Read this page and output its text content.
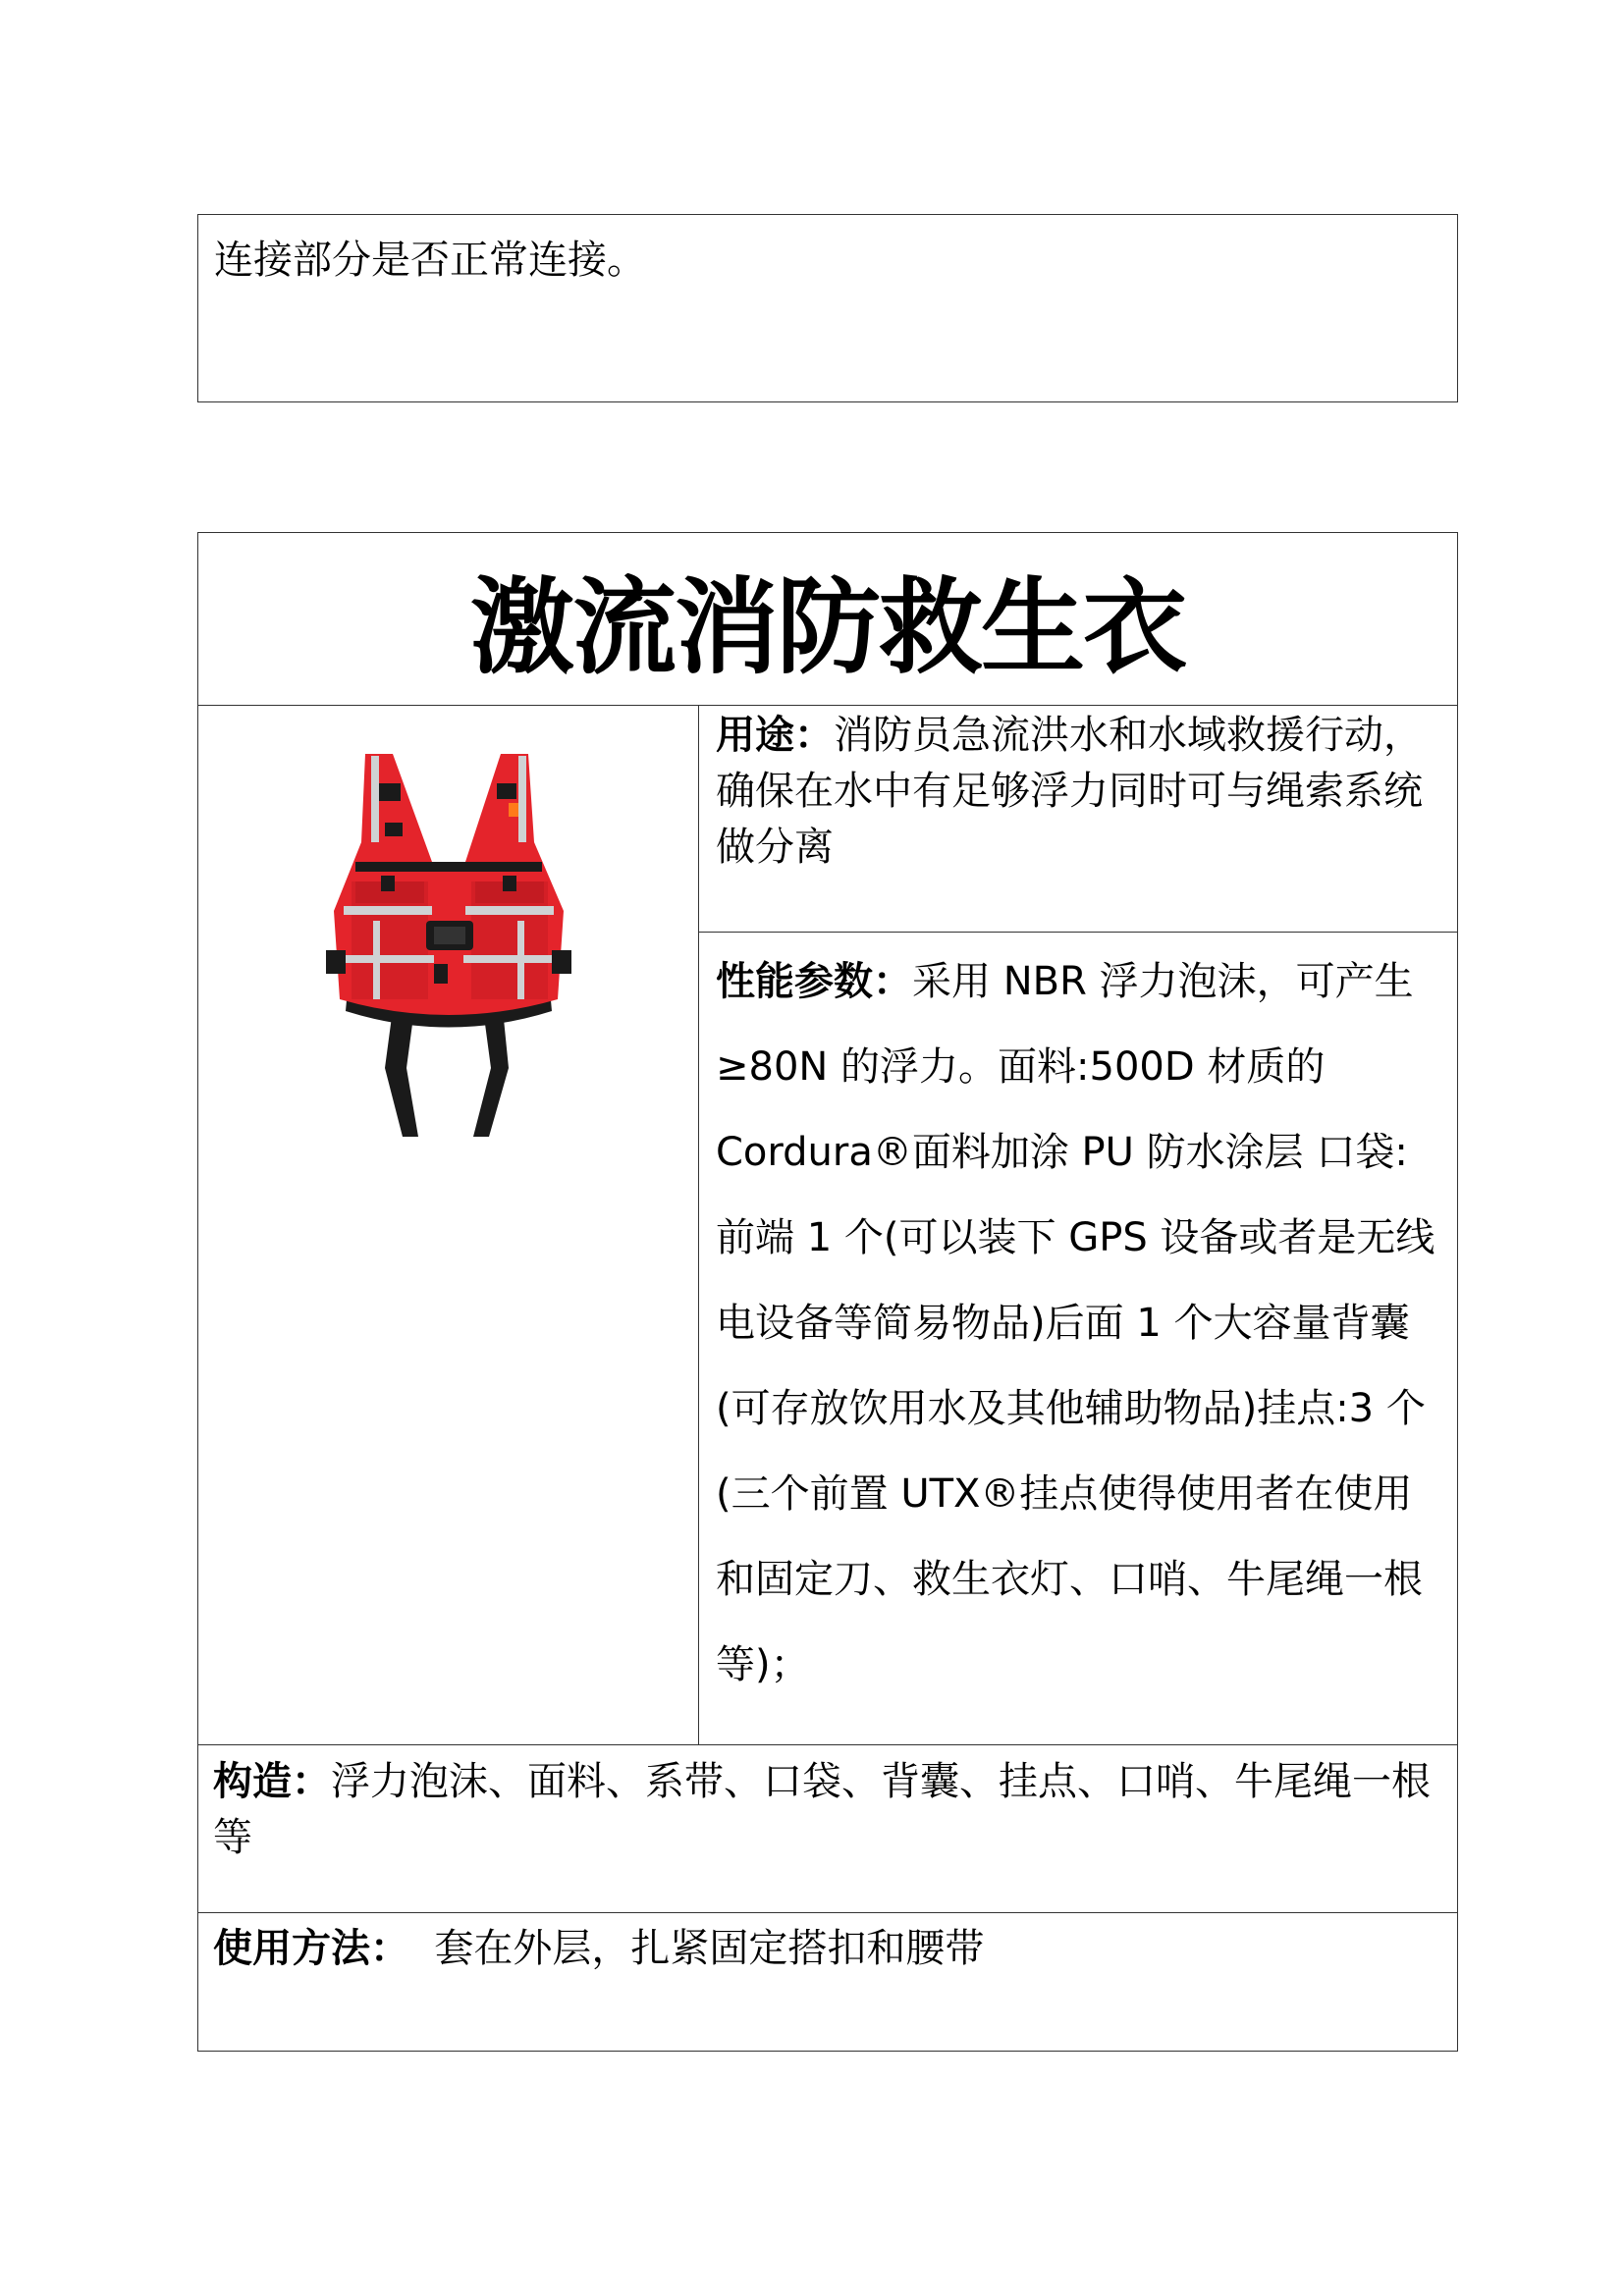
连接部分是否正常连接。
激流消防救生衣
用途：消防员急流洪水和水域救援行动，确保在水中有足够浮力同时可与绳索系统做分离
性能参数：采用 NBR 浮力泡沫，可产生≥80N 的浮力。面料:500D 材质的 Cordura®面料加涂 PU 防水涂层 口袋:前端 1 个(可以装下 GPS 设备或者是无线电设备等简易物品)后面 1 个大容量背囊(可存放饮用水及其他辅助物品)挂点:3 个(三个前置 UTX®挂点使得使用者在使用和固定刀、救生衣灯、口哨、牛尾绳一根等)；
构造：浮力泡沫、面料、系带、口袋、背囊、挂点、口哨、牛尾绳一根等
使用方法：  套在外层，扎紧固定搭扣和腰带
